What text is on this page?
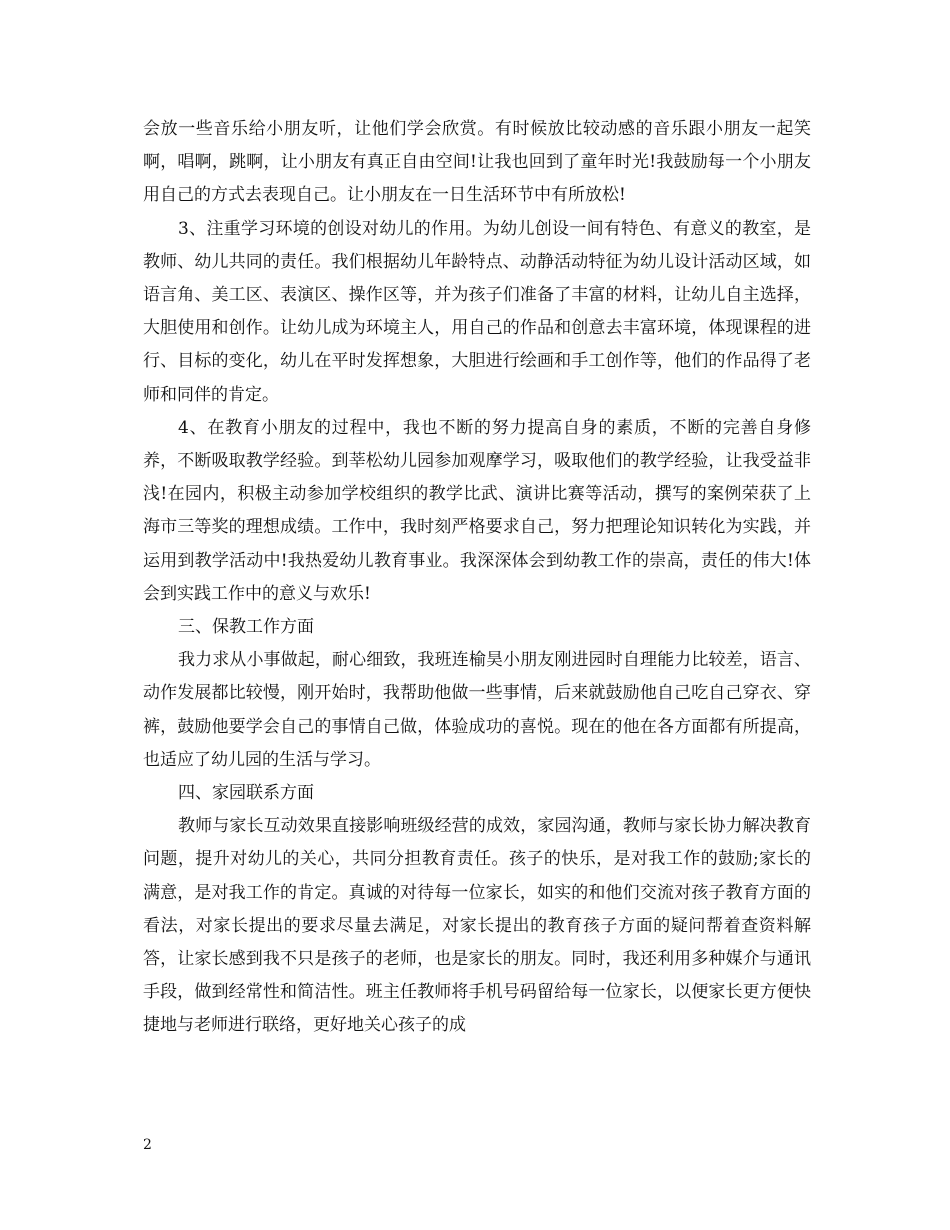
会放一些音乐给小朋友听，让他们学会欣赏。有时候放比较动感的音乐跟小朋友一起笑啊，唱啊，跳啊，让小朋友有真正自由空间!让我也回到了童年时光!我鼓励每一个小朋友用自己的方式去表现自己。让小朋友在一日生活环节中有所放松!

3、注重学习环境的创设对幼儿的作用。为幼儿创设一间有特色、有意义的教室，是教师、幼儿共同的责任。我们根据幼儿年龄特点、动静活动特征为幼儿设计活动区域，如语言角、美工区、表演区、操作区等，并为孩子们准备了丰富的材料，让幼儿自主选择，大胆使用和创作。让幼儿成为环境主人，用自己的作品和创意去丰富环境，体现课程的进行、目标的变化，幼儿在平时发挥想象，大胆进行绘画和手工创作等，他们的作品得了老师和同伴的肯定。

4、在教育小朋友的过程中，我也不断的努力提高自身的素质，不断的完善自身修养，不断吸取教学经验。到莘松幼儿园参加观摩学习，吸取他们的教学经验，让我受益非浅!在园内，积极主动参加学校组织的教学比武、演讲比赛等活动，撰写的案例荣获了上海市三等奖的理想成绩。工作中，我时刻严格要求自己，努力把理论知识转化为实践，并运用到教学活动中!我热爱幼儿教育事业。我深深体会到幼教工作的崇高，责任的伟大!体会到实践工作中的意义与欢乐!

三、保教工作方面

我力求从小事做起，耐心细致，我班连榆昊小朋友刚进园时自理能力比较差，语言、动作发展都比较慢，刚开始时，我帮助他做一些事情，后来就鼓励他自己吃自己穿衣、穿裤，鼓励他要学会自己的事情自己做，体验成功的喜悦。现在的他在各方面都有所提高，也适应了幼儿园的生活与学习。

四、家园联系方面

教师与家长互动效果直接影响班级经营的成效，家园沟通，教师与家长协力解决教育问题，提升对幼儿的关心，共同分担教育责任。孩子的快乐，是对我工作的鼓励;家长的满意，是对我工作的肯定。真诚的对待每一位家长，如实的和他们交流对孩子教育方面的看法，对家长提出的要求尽量去满足，对家长提出的教育孩子方面的疑问帮着查资料解答，让家长感到我不只是孩子的老师，也是家长的朋友。同时，我还利用多种媒介与通讯手段，做到经常性和简洁性。班主任教师将手机号码留给每一位家长，以便家长更方便快捷地与老师进行联络，更好地关心孩子的成

2
